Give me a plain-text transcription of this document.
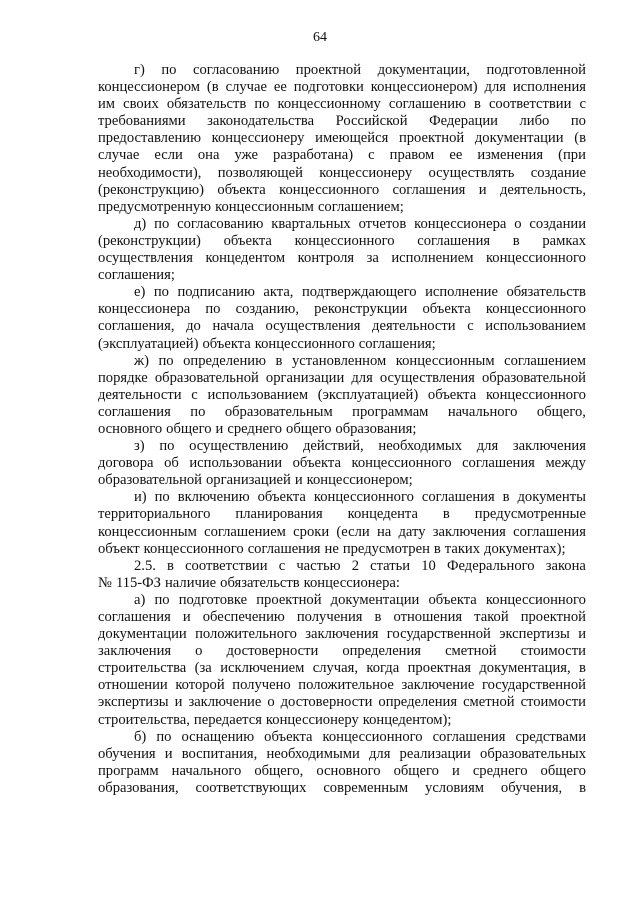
64
г) по согласованию проектной документации, подготовленной
концессионером (в случае ее подготовки концессионером) для исполнения
им своих обязательств по концессионному соглашению в соответствии с
требованиями законодательства Российской Федерации либо по
предоставлению концессионеру имеющейся проектной документации (в
случае если она уже разработана) с правом ее изменения (при
необходимости), позволяющей концессионеру осуществлять создание
(реконструкцию) объекта концессионного соглашения и деятельность,
предусмотренную концессионным соглашением;
д) по согласованию квартальных отчетов концессионера о создании
(реконструкции) объекта концессионного соглашения в рамках
осуществления концедентом контроля за исполнением концессионного
соглашения;
е) по подписанию акта, подтверждающего исполнение обязательств
концессионера по созданию, реконструкции объекта концессионного
соглашения, до начала осуществления деятельности с использованием
(эксплуатацией) объекта концессионного соглашения;
ж) по определению в установленном концессионным соглашением
порядке образовательной организации для осуществления образовательной
деятельности с использованием (эксплуатацией) объекта концессионного
соглашения по образовательным программам начального общего,
основного общего и среднего общего образования;
з) по осуществлению действий, необходимых для заключения
договора об использовании объекта концессионного соглашения между
образовательной организацией и концессионером;
и) по включению объекта концессионного соглашения в документы
территориального планирования концедента в предусмотренные
концессионным соглашением сроки (если на дату заключения соглашения
объект концессионного соглашения не предусмотрен в таких документах);
2.5. в соответствии с частью 2 статьи 10 Федерального закона
№ 115-ФЗ наличие обязательств концессионера:
а) по подготовке проектной документации объекта концессионного
соглашения и обеспечению получения в отношения такой проектной
документации положительного заключения государственной экспертизы и
заключения о достоверности определения сметной стоимости
строительства (за исключением случая, когда проектная документация, в
отношении которой получено положительное заключение государственной
экспертизы и заключение о достоверности определения сметной стоимости
строительства, передается концессионеру концедентом);
б) по оснащению объекта концессионного соглашения средствами
обучения и воспитания, необходимыми для реализации образовательных
программ начального общего, основного общего и среднего общего
образования, соответствующих современным условиям обучения, в
